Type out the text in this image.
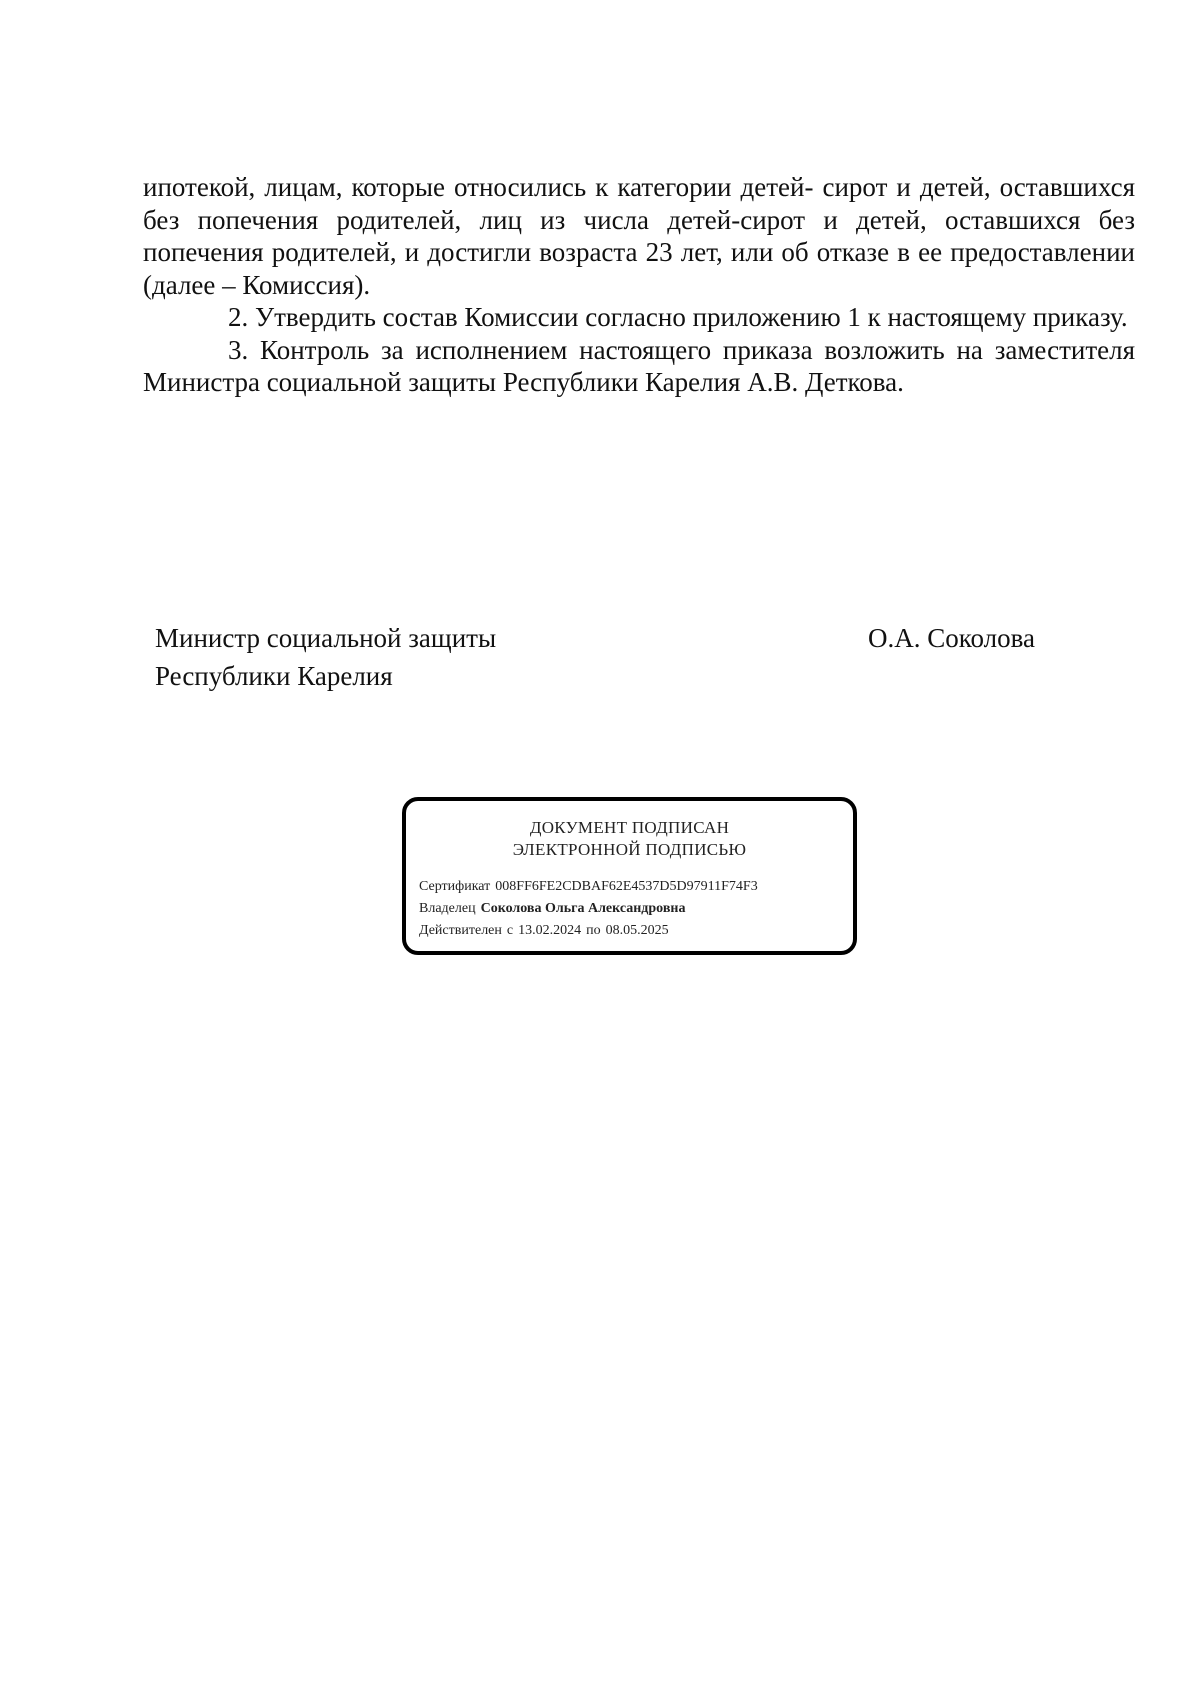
ипотекой, лицам, которые относились к категории детей- сирот и детей, оставшихся без попечения родителей, лиц из числа детей-сирот и детей, оставшихся без попечения родителей, и достигли возраста 23 лет, или об отказе в ее предоставлении (далее – Комиссия).

2. Утвердить состав Комиссии согласно приложению 1 к настоящему приказу.

3. Контроль за исполнением настоящего приказа возложить на заместителя Министра социальной защиты Республики Карелия А.В. Деткова.

Министр социальной защиты
Республики Карелия
О.А. Соколова
ДОКУМЕНТ ПОДПИСАН
ЭЛЕКТРОННОЙ ПОДПИСЬЮ
Сертификат 008FF6FE2CDBAF62E4537D5D97911F74F3
Владелец Соколова Ольга Александровна
Действителен с 13.02.2024 по 08.05.2025
